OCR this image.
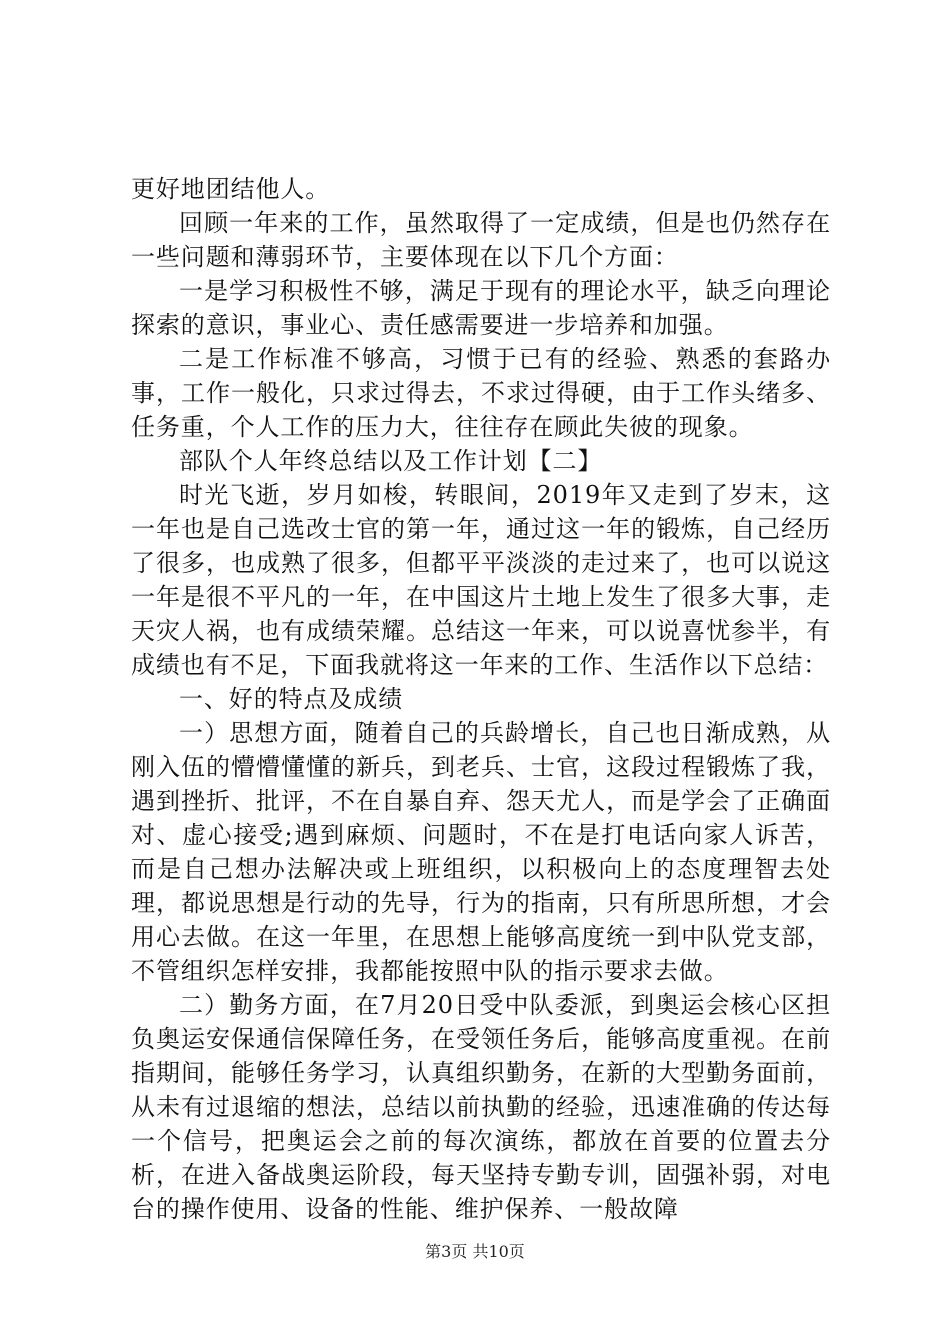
更好地团结他人。

回顾一年来的工作，虽然取得了一定成绩，但是也仍然存在一些问题和薄弱环节，主要体现在以下几个方面：

一是学习积极性不够，满足于现有的理论水平，缺乏向理论探索的意识，事业心、责任感需要进一步培养和加强。

二是工作标准不够高，习惯于已有的经验、熟悉的套路办事，工作一般化，只求过得去，不求过得硬，由于工作头绪多、任务重，个人工作的压力大，往往存在顾此失彼的现象。

部队个人年终总结以及工作计划【二】

时光飞逝，岁月如梭，转眼间，2019年又走到了岁末，这一年也是自己选改士官的第一年，通过这一年的锻炼，自己经历了很多，也成熟了很多，但都平平淡淡的走过来了，也可以说这一年是很不平凡的一年，在中国这片土地上发生了很多大事，走天灾人祸，也有成绩荣耀。总结这一年来，可以说喜忧参半，有成绩也有不足，下面我就将这一年来的工作、生活作以下总结：

一、好的特点及成绩

一）思想方面，随着自己的兵龄增长，自己也日渐成熟，从刚入伍的懵懵懂懂的新兵，到老兵、士官，这段过程锻炼了我，遇到挫折、批评，不在自暴自弃、怨天尤人，而是学会了正确面对、虚心接受;遇到麻烦、问题时，不在是打电话向家人诉苦，而是自己想办法解决或上班组织，以积极向上的态度理智去处理，都说思想是行动的先导，行为的指南，只有所思所想，才会用心去做。在这一年里，在思想上能够高度统一到中队党支部，不管组织怎样安排，我都能按照中队的指示要求去做。

二）勤务方面，在7月20日受中队委派，到奥运会核心区担负奥运安保通信保障任务，在受领任务后，能够高度重视。在前指期间，能够任务学习，认真组织勤务，在新的大型勤务面前，从未有过退缩的想法，总结以前执勤的经验，迅速准确的传达每一个信号，把奥运会之前的每次演练，都放在首要的位置去分析，在进入备战奥运阶段，每天坚持专勤专训，固强补弱，对电台的操作使用、设备的性能、维护保养、一般故障

第3页 共10页
